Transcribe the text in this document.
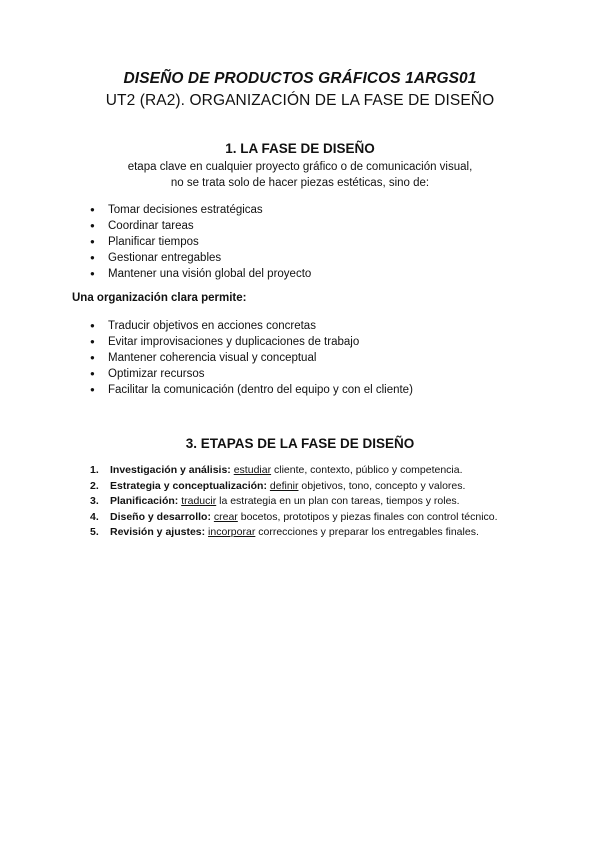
DISEÑO DE PRODUCTOS GRÁFICOS 1ARGS01
UT2 (RA2). ORGANIZACIÓN DE LA FASE DE DISEÑO
1. LA FASE DE DISEÑO
etapa clave en cualquier proyecto gráfico o de comunicación visual,
no se trata solo de hacer piezas estéticas, sino de:
● Tomar decisiones estratégicas
● Coordinar tareas
● Planificar tiempos
● Gestionar entregables
● Mantener una visión global del proyecto
Una organización clara permite:
● Traducir objetivos en acciones concretas
● Evitar improvisaciones y duplicaciones de trabajo
● Mantener coherencia visual y conceptual
● Optimizar recursos
● Facilitar la comunicación (dentro del equipo y con el cliente)
3. ETAPAS DE LA FASE DE DISEÑO
1. Investigación y análisis: estudiar cliente, contexto, público y competencia.
2. Estrategia y conceptualización: definir objetivos, tono, concepto y valores.
3. Planificación: traducir la estrategia en un plan con tareas, tiempos y roles.
4. Diseño y desarrollo: crear bocetos, prototipos y piezas finales con control técnico.
5. Revisión y ajustes: incorporar correcciones y preparar los entregables finales.
